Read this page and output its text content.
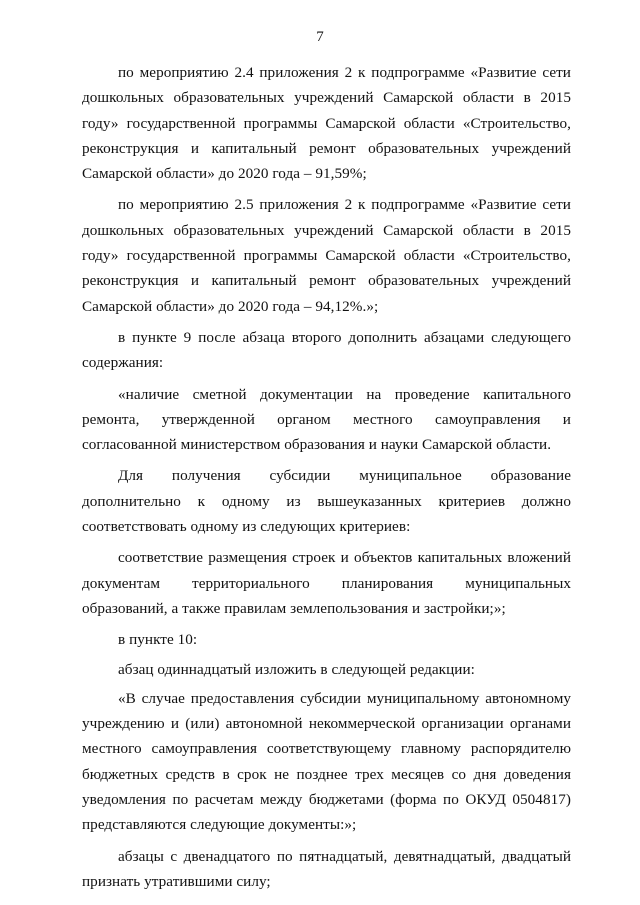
7

по мероприятию 2.4 приложения 2 к подпрограмме «Развитие сети дошкольных образовательных учреждений Самарской области в 2015 году» государственной программы Самарской области «Строительство, реконструкция и капитальный ремонт образовательных учреждений Самарской области» до 2020 года – 91,59%;

по мероприятию 2.5 приложения 2 к подпрограмме «Развитие сети дошкольных образовательных учреждений Самарской области в 2015 году» государственной программы Самарской области «Строительство, реконструкция и капитальный ремонт образовательных учреждений Самарской области» до 2020 года – 94,12%.»;

в пункте 9 после абзаца второго дополнить абзацами следующего содержания:

«наличие сметной документации на проведение капитального ремонта, утвержденной органом местного самоуправления и согласованной министерством образования и науки Самарской области.

Для получения субсидии муниципальное образование дополнительно к одному из вышеуказанных критериев должно соответствовать одному из следующих критериев:

соответствие размещения строек и объектов капитальных вложений документам территориального планирования муниципальных образований, а также правилам землепользования и застройки;»;

в пункте 10:

абзац одиннадцатый изложить в следующей редакции:

«В случае предоставления субсидии муниципальному автономному учреждению и (или) автономной некоммерческой организации органами местного самоуправления соответствующему главному распорядителю бюджетных средств в срок не позднее трех месяцев со дня доведения уведомления по расчетам между бюджетами (форма по ОКУД 0504817) представляются следующие документы:»;

абзацы с двенадцатого по пятнадцатый, девятнадцатый, двадцатый признать утратившими силу;
